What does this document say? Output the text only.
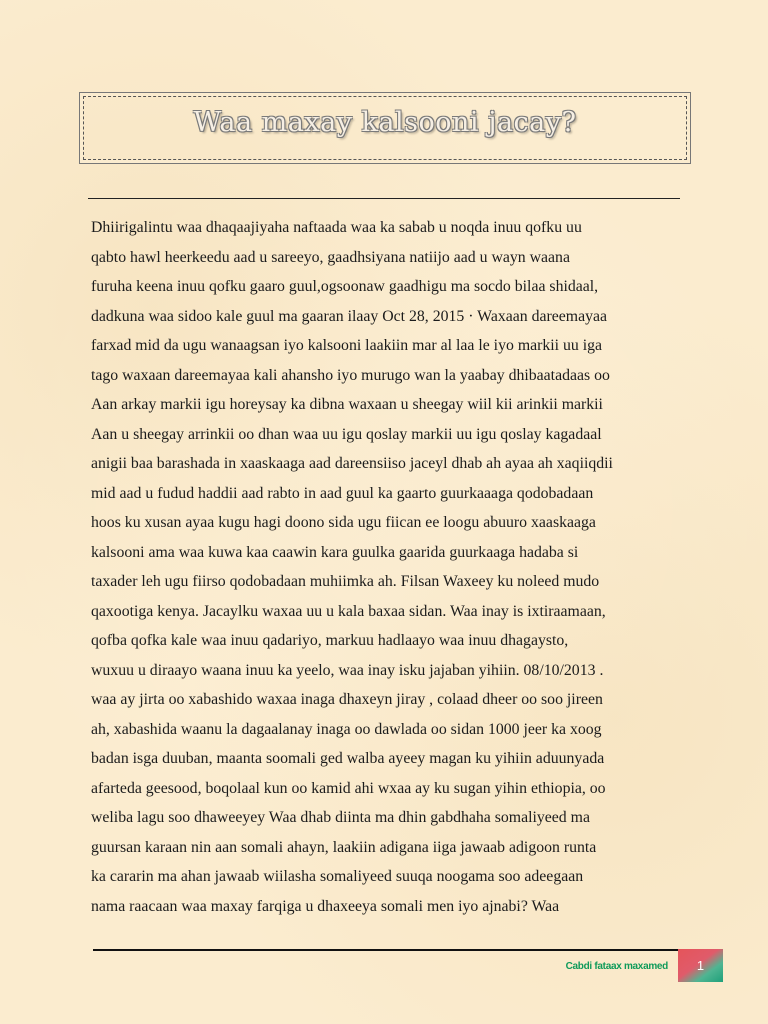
Waa maxay kalsooni jacay?
Dhiirigalintu waa dhaqaajiyaha naftaada waa ka sabab u noqda inuu qofku uu
qabto hawl heerkeedu aad u sareeyo, gaadhsiyana natiijo aad u wayn waana
furuha keena inuu qofku gaaro guul,ogsoonaw gaadhigu ma socdo bilaa shidaal,
dadkuna waa sidoo kale guul ma gaaran ilaay Oct 28, 2015 · Waxaan dareemayaa
farxad mid da ugu wanaagsan iyo kalsooni laakiin mar al laa le iyo markii uu iga
tago waxaan dareemayaa kali ahansho iyo murugo wan la yaabay dhibaatadaas oo
Aan arkay markii igu horeysay ka dibna waxaan u sheegay wiil kii arinkii markii
Aan u sheegay arrinkii oo dhan waa uu igu qoslay markii uu igu qoslay kagadaal
anigii baa barashada in xaaskaaga aad dareensiiso jaceyl dhab ah ayaa ah xaqiiqdii
mid aad u fudud haddii aad rabto in aad guul ka gaarto guurkaaaga qodobadaan
hoos ku xusan ayaa kugu hagi doono sida ugu fiican ee loogu abuuro xaaskaaga
kalsooni ama waa kuwa kaa caawin kara guulka gaarida guurkaaga hadaba si
taxader leh ugu fiirso qodobadaan muhiimka ah. Filsan Waxeey ku noleed mudo
qaxootiga kenya. Jacaylku waxaa uu u kala baxaa sidan. Waa inay is ixtiraamaan,
qofba qofka kale waa inuu qadariyo, markuu hadlaayo waa inuu dhagaysto,
wuxuu u diraayo waana inuu ka yeelo, waa inay isku jajaban yihiin. 08/10/2013 .
waa ay jirta oo xabashido waxaa inaga dhaxeyn jiray , colaad dheer oo soo jireen
ah, xabashida waanu la dagaalanay inaga oo dawlada oo sidan 1000 jeer ka xoog
badan isga duuban, maanta soomali ged walba ayeey magan ku yihiin aduunyada
afarteda geesood, boqolaal kun oo kamid ahi wxaa ay ku sugan yihin ethiopia, oo
weliba lagu soo dhaweeyey Waa dhab diinta ma dhin gabdhaha somaliyeed ma
guursan karaan nin aan somali ahayn, laakiin adigana iiga jawaab adigoon runta
ka cararin ma ahan jawaab wiilasha somaliyeed suuqa noogama soo adeegaan
nama raacaan waa maxay farqiga u dhaxeeya somali men iyo ajnabi? Waa
Cabdi fataax maxamed 1
